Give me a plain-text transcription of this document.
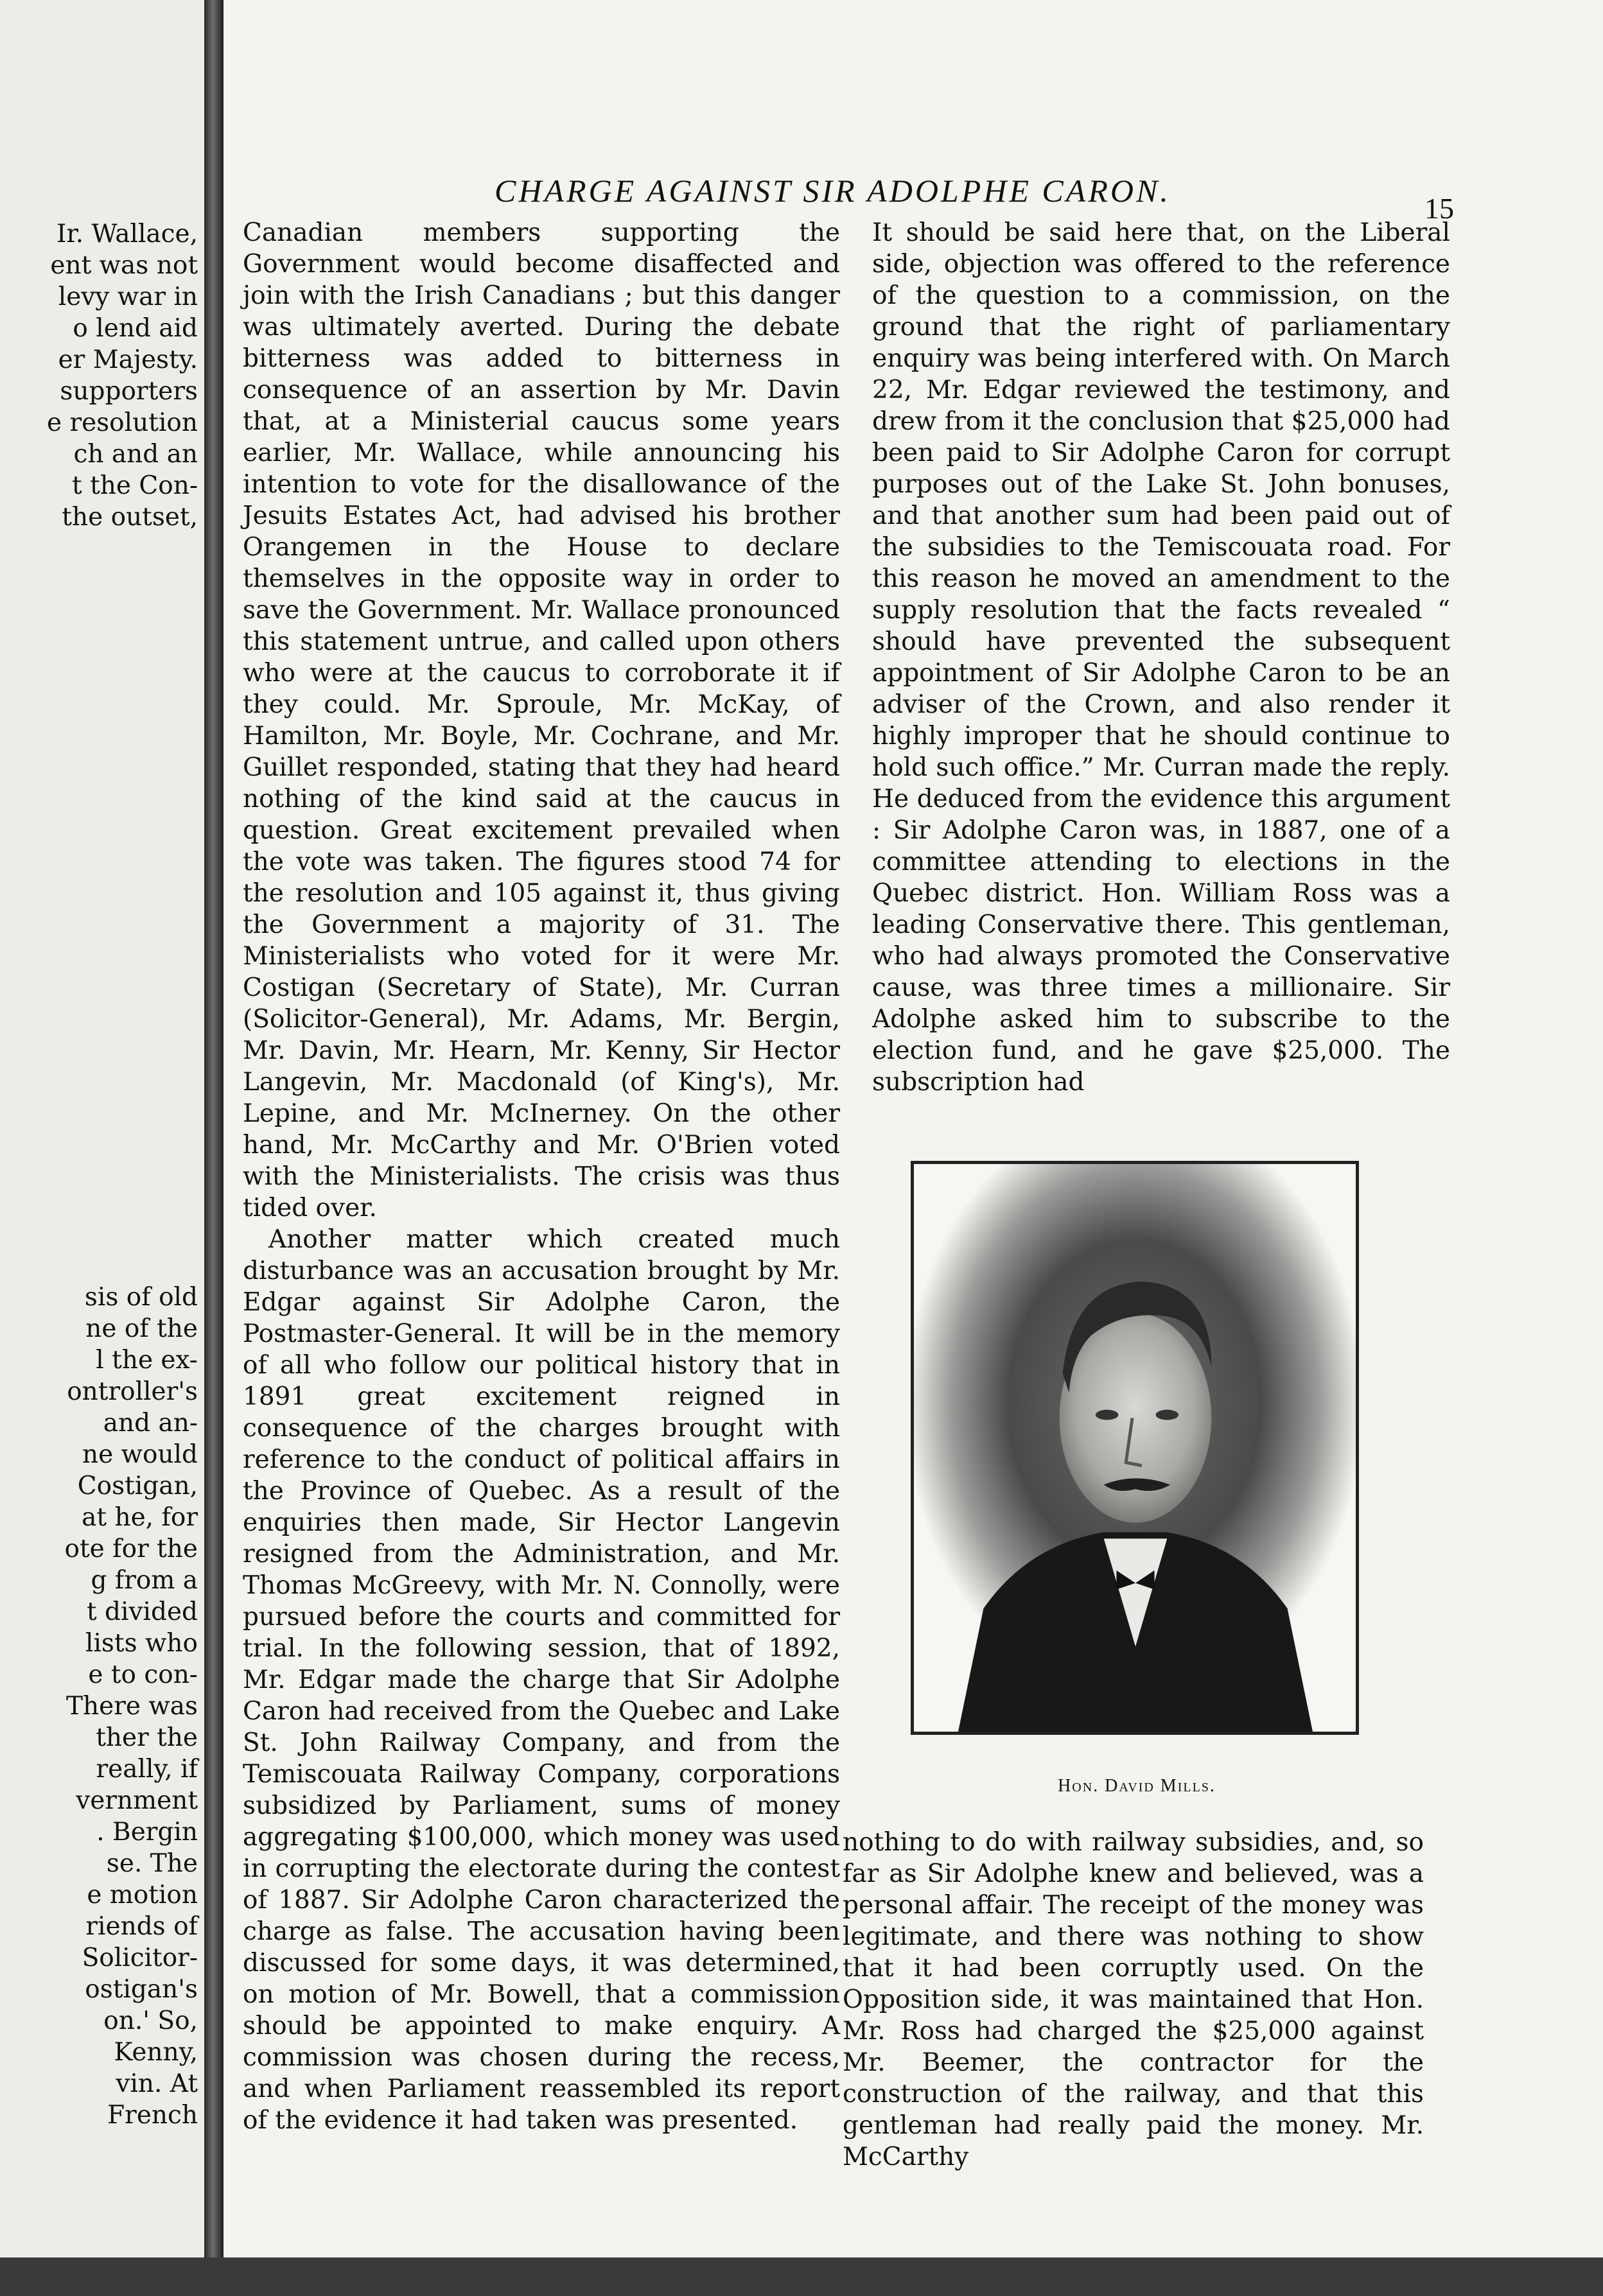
Ir. Wallace,
ent was not
levy war in
o lend aid
er Majesty.
supporters
e resolution
ch and an
t the Con-
the outset,
sis of old
ne of the
l the ex-
ontroller's
and an-
ne would
Costigan,
at he, for
ote for the
g from a
t divided
lists who
e to con-
There was
ther the
really, if
vernment
. Bergin
se. The
e motion
riends of
Solicitor-
ostigan's
on.' So,
Kenny,
vin. At
French
CHARGE AGAINST SIR ADOLPHE CARON.	15

Canadian members supporting the Government would become disaffected and join with the Irish Canadians ; but this danger was ultimately averted. During the debate bitterness was added to bitterness in consequence of an assertion by Mr. Davin that, at a Ministerial caucus some years earlier, Mr. Wallace, while announcing his intention to vote for the disallowance of the Jesuits Estates Act, had advised his brother Orangemen in the House to declare themselves in the opposite way in order to save the Government. Mr. Wallace pronounced this statement untrue, and called upon others who were at the caucus to corroborate it if they could. Mr. Sproule, Mr. McKay, of Hamilton, Mr. Boyle, Mr. Cochrane, and Mr. Guillet responded, stating that they had heard nothing of the kind said at the caucus in question. Great excitement prevailed when the vote was taken. The figures stood 74 for the resolution and 105 against it, thus giving the Government a majority of 31. The Ministerialists who voted for it were Mr. Costigan (Secretary of State), Mr. Curran (Solicitor-General), Mr. Adams, Mr. Bergin, Mr. Davin, Mr. Hearn, Mr. Kenny, Sir Hector Langevin, Mr. Macdonald (of King's), Mr. Lepine, and Mr. McInerney. On the other hand, Mr. McCarthy and Mr. O'Brien voted with the Ministerialists. The crisis was thus tided over.

Another matter which created much disturbance was an accusation brought by Mr. Edgar against Sir Adolphe Caron, the Postmaster-General. It will be in the memory of all who follow our political history that in 1891 great excitement reigned in consequence of the charges brought with reference to the conduct of political affairs in the Province of Quebec. As a result of the enquiries then made, Sir Hector Langevin resigned from the Administration, and Mr. Thomas McGreevy, with Mr. N. Connolly, were pursued before the courts and committed for trial. In the following session, that of 1892, Mr. Edgar made the charge that Sir Adolphe Caron had received from the Quebec and Lake St. John Railway Company, and from the Temiscouata Railway Company, corporations subsidized by Parliament, sums of money aggregating $100,000, which money was used in corrupting the electorate during the contest of 1887. Sir Adolphe Caron characterized the charge as false. The accusation having been discussed for some days, it was determined, on motion of Mr. Bowell, that a commission should be appointed to make enquiry. A commission was chosen during the recess, and when Parliament reassembled its report of the evidence it had taken was presented.

It should be said here that, on the Liberal side, objection was offered to the reference of the question to a commission, on the ground that the right of parliamentary enquiry was being interfered with. On March 22, Mr. Edgar reviewed the testimony, and drew from it the conclusion that $25,000 had been paid to Sir Adolphe Caron for corrupt purposes out of the Lake St. John bonuses, and that another sum had been paid out of the subsidies to the Temiscouata road. For this reason he moved an amendment to the supply resolution that the facts revealed “ should have prevented the subsequent appointment of Sir Adolphe Caron to be an adviser of the Crown, and also render it highly improper that he should continue to hold such office.” Mr. Curran made the reply. He deduced from the evidence this argument : Sir Adolphe Caron was, in 1887, one of a committee attending to elections in the Quebec district. Hon. William Ross was a leading Conservative there. This gentleman, who had always promoted the Conservative cause, was three times a millionaire. Sir Adolphe asked him to subscribe to the election fund, and he gave $25,000. The subscription had

Hon. David Mills.

nothing to do with railway subsidies, and, so far as Sir Adolphe knew and believed, was a personal affair. The receipt of the money was legitimate, and there was nothing to show that it had been corruptly used. On the Opposition side, it was maintained that Hon. Mr. Ross had charged the $25,000 against Mr. Beemer, the contractor for the construction of the railway, and that this gentleman had really paid the money. Mr. McCarthy
